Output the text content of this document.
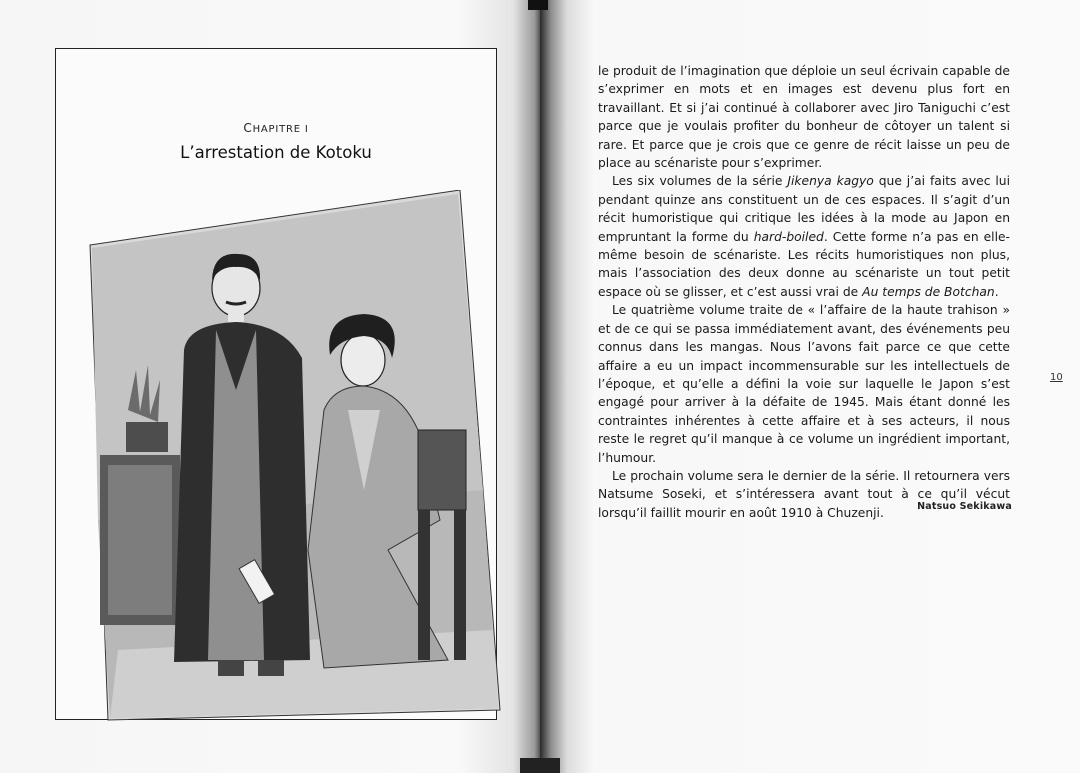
CHAPITRE I
L’arrestation de Kotoku

le produit de l’imagination que déploie un seul écrivain capable de s’exprimer en mots et en images est devenu plus fort en travaillant. Et si j’ai continué à collaborer avec Jiro Taniguchi c’est parce que je voulais profiter du bonheur de côtoyer un talent si rare. Et parce que je crois que ce genre de récit laisse un peu de place au scénariste pour s’exprimer.

Les six volumes de la série Jikenya kagyo que j’ai faits avec lui pendant quinze ans constituent un de ces espaces. Il s’agit d’un récit humoristique qui critique les idées à la mode au Japon en empruntant la forme du hard-boiled. Cette forme n’a pas en elle-même besoin de scénariste. Les récits humoristiques non plus, mais l’association des deux donne au scénariste un tout petit espace où se glisser, et c’est aussi vrai de Au temps de Botchan.

Le quatrième volume traite de « l’affaire de la haute trahison » et de ce qui se passa immédiatement avant, des événements peu connus dans les mangas. Nous l’avons fait parce ce que cette affaire a eu un impact incommensurable sur les intellectuels de l’époque, et qu’elle a défini la voie sur laquelle le Japon s’est engagé pour arriver à la défaite de 1945. Mais étant donné les contraintes inhérentes à cette affaire et à ses acteurs, il nous reste le regret qu’il manque à ce volume un ingrédient important, l’humour.

Le prochain volume sera le dernier de la série. Il retournera vers Natsume Soseki, et s’intéressera avant tout à ce qu’il vécut lorsqu’il faillit mourir en août 1910 à Chuzenji.	Natsuo Sekikawa
10
